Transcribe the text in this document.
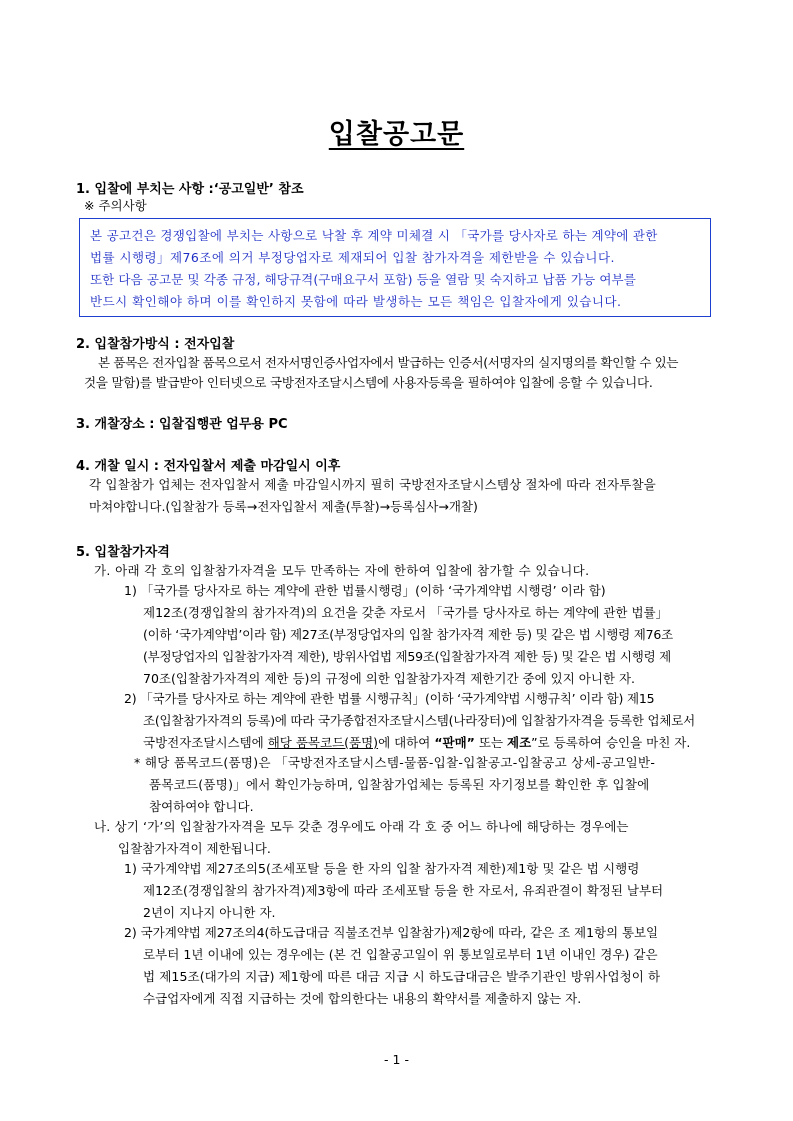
입찰공고문
1. 입찰에 부치는 사항 :‘공고일반’ 참조
※ 주의사항
본 공고건은 경쟁입찰에 부치는 사항으로 낙찰 후 계약 미체결 시 「국가를 당사자로 하는 계약에 관한
법률 시행령」제76조에 의거 부정당업자로 제재되어 입찰 참가자격을 제한받을 수 있습니다.
또한 다음 공고문 및 각종 규정, 해당규격(구매요구서 포함) 등을 열람 및 숙지하고 납품 가능 여부를
반드시 확인해야 하며 이를 확인하지 못함에 따라 발생하는 모든 책임은 입찰자에게 있습니다.
2. 입찰참가방식 : 전자입찰
본 품목은 전자입찰 품목으로서 전자서명인증사업자에서 발급하는 인증서(서명자의 실지명의를 확인할 수 있는
것을 말함)를 발급받아 인터넷으로 국방전자조달시스템에 사용자등록을 필하여야 입찰에 응할 수 있습니다.
3. 개찰장소 : 입찰집행관 업무용 PC
4. 개찰 일시 : 전자입찰서 제출 마감일시 이후
각 입찰참가 업체는 전자입찰서 제출 마감일시까지 필히 국방전자조달시스템상 절차에 따라 전자투찰을
마쳐야합니다.(입찰참가 등록→전자입찰서 제출(투찰)→등록심사→개찰)
5. 입찰참가자격
가. 아래 각 호의 입찰참가자격을 모두 만족하는 자에 한하여 입찰에 참가할 수 있습니다.
1) 「국가를 당사자로 하는 계약에 관한 법률시행령」(이하 ‘국가계약법 시행령’ 이라 함)
제12조(경쟁입찰의 참가자격)의 요건을 갖춘 자로서 「국가를 당사자로 하는 계약에 관한 법률」
(이하 ‘국가계약법’이라 함) 제27조(부정당업자의 입찰 참가자격 제한 등) 및 같은 법 시행령 제76조
(부정당업자의 입찰참가자격 제한), 방위사업법 제59조(입찰참가자격 제한 등) 및 같은 법 시행령 제
70조(입찰참가자격의 제한 등)의 규정에 의한 입찰참가자격 제한기간 중에 있지 아니한 자.
2) 「국가를 당사자로 하는 계약에 관한 법률 시행규칙」(이하 ‘국가계약법 시행규칙’ 이라 함) 제15
조(입찰참가자격의 등록)에 따라 국가종합전자조달시스템(나라장터)에 입찰참가자격을 등록한 업체로서
국방전자조달시스템에 해당 품목코드(품명)에 대하여 “판매” 또는 제조”로 등록하여 승인을 마친 자.
* 해당 품목코드(품명)은 「국방전자조달시스템-물품-입찰-입찰공고-입찰공고 상세-공고일반-
품목코드(품명)」에서 확인가능하며, 입찰참가업체는 등록된 자기정보를 확인한 후 입찰에
참여하여야 합니다.
나. 상기 ‘가’의 입찰참가자격을 모두 갖춘 경우에도 아래 각 호 중 어느 하나에 해당하는 경우에는
입찰참가자격이 제한됩니다.
1) 국가계약법 제27조의5(조세포탈 등을 한 자의 입찰 참가자격 제한)제1항 및 같은 법 시행령
제12조(경쟁입찰의 참가자격)제3항에 따라 조세포탈 등을 한 자로서, 유죄관결이 확정된 날부터
2년이 지나지 아니한 자.
2) 국가계약법 제27조의4(하도급대금 직불조건부 입찰참가)제2항에 따라, 같은 조 제1항의 통보일
로부터 1년 이내에 있는 경우에는 (본 건 입찰공고일이 위 통보일로부터 1년 이내인 경우) 같은
법 제15조(대가의 지급) 제1항에 따른 대금 지급 시 하도급대금은 발주기관인 방위사업청이 하
수급업자에게 직접 지급하는 것에 합의한다는 내용의 확약서를 제출하지 않는 자.
- 1 -
